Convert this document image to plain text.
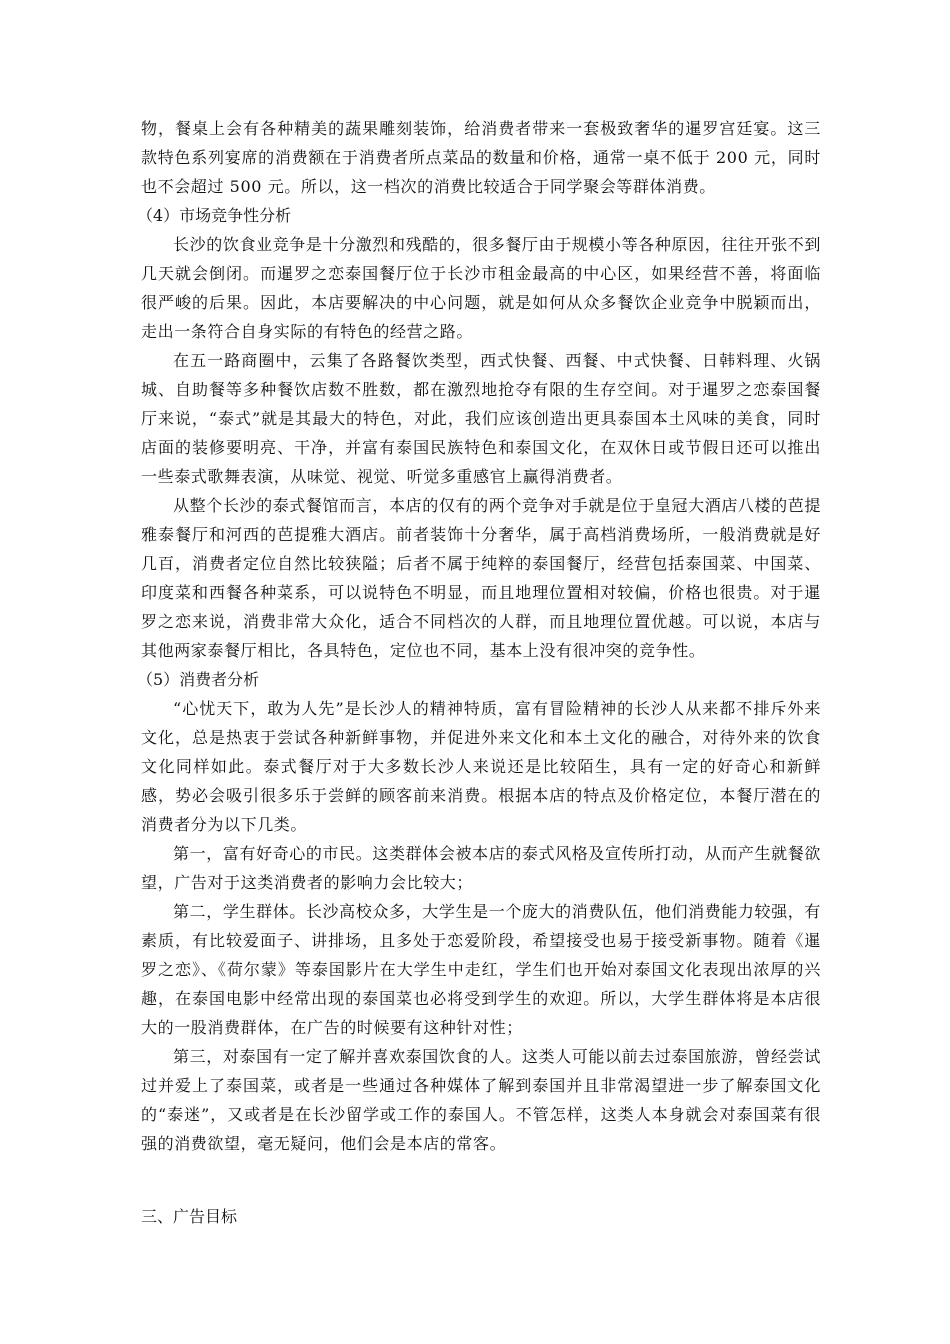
物，餐桌上会有各种精美的蔬果雕刻装饰，给消费者带来一套极致奢华的暹罗宫廷宴。这三款特色系列宴席的消费额在于消费者所点菜品的数量和价格，通常一桌不低于 200 元，同时也不会超过 500 元。所以，这一档次的消费比较适合于同学聚会等群体消费。

（4）市场竞争性分析

长沙的饮食业竞争是十分激烈和残酷的，很多餐厅由于规模小等各种原因，往往开张不到几天就会倒闭。而暹罗之恋泰国餐厅位于长沙市租金最高的中心区，如果经营不善，将面临很严峻的后果。因此，本店要解决的中心问题，就是如何从众多餐饮企业竞争中脱颖而出，走出一条符合自身实际的有特色的经营之路。

在五一路商圈中，云集了各路餐饮类型，西式快餐、西餐、中式快餐、日韩料理、火锅城、自助餐等多种餐饮店数不胜数，都在激烈地抢夺有限的生存空间。对于暹罗之恋泰国餐厅来说，“泰式”就是其最大的特色，对此，我们应该创造出更具泰国本土风味的美食，同时店面的装修要明亮、干净，并富有泰国民族特色和泰国文化，在双休日或节假日还可以推出一些泰式歌舞表演，从味觉、视觉、听觉多重感官上赢得消费者。

从整个长沙的泰式餐馆而言，本店的仅有的两个竞争对手就是位于皇冠大酒店八楼的芭提雅泰餐厅和河西的芭提雅大酒店。前者装饰十分奢华，属于高档消费场所，一般消费就是好几百，消费者定位自然比较狭隘；后者不属于纯粹的泰国餐厅，经营包括泰国菜、中国菜、印度菜和西餐各种菜系，可以说特色不明显，而且地理位置相对较偏，价格也很贵。对于暹罗之恋来说，消费非常大众化，适合不同档次的人群，而且地理位置优越。可以说，本店与其他两家泰餐厅相比，各具特色，定位也不同，基本上没有很冲突的竞争性。

（5）消费者分析

“心忧天下，敢为人先”是长沙人的精神特质，富有冒险精神的长沙人从来都不排斥外来文化，总是热衷于尝试各种新鲜事物，并促进外来文化和本土文化的融合，对待外来的饮食文化同样如此。泰式餐厅对于大多数长沙人来说还是比较陌生，具有一定的好奇心和新鲜感，势必会吸引很多乐于尝鲜的顾客前来消费。根据本店的特点及价格定位，本餐厅潜在的消费者分为以下几类。

第一，富有好奇心的市民。这类群体会被本店的泰式风格及宣传所打动，从而产生就餐欲望，广告对于这类消费者的影响力会比较大；

第二，学生群体。长沙高校众多，大学生是一个庞大的消费队伍，他们消费能力较强，有素质，有比较爱面子、讲排场，且多处于恋爱阶段，希望接受也易于接受新事物。随着《暹罗之恋》、《荷尔蒙》等泰国影片在大学生中走红，学生们也开始对泰国文化表现出浓厚的兴趣，在泰国电影中经常出现的泰国菜也必将受到学生的欢迎。所以，大学生群体将是本店很大的一股消费群体，在广告的时候要有这种针对性；

第三，对泰国有一定了解并喜欢泰国饮食的人。这类人可能以前去过泰国旅游，曾经尝试过并爱上了泰国菜，或者是一些通过各种媒体了解到泰国并且非常渴望进一步了解泰国文化的“泰迷”，又或者是在长沙留学或工作的泰国人。不管怎样，这类人本身就会对泰国菜有很强的消费欲望，毫无疑问，他们会是本店的常客。

三、广告目标
